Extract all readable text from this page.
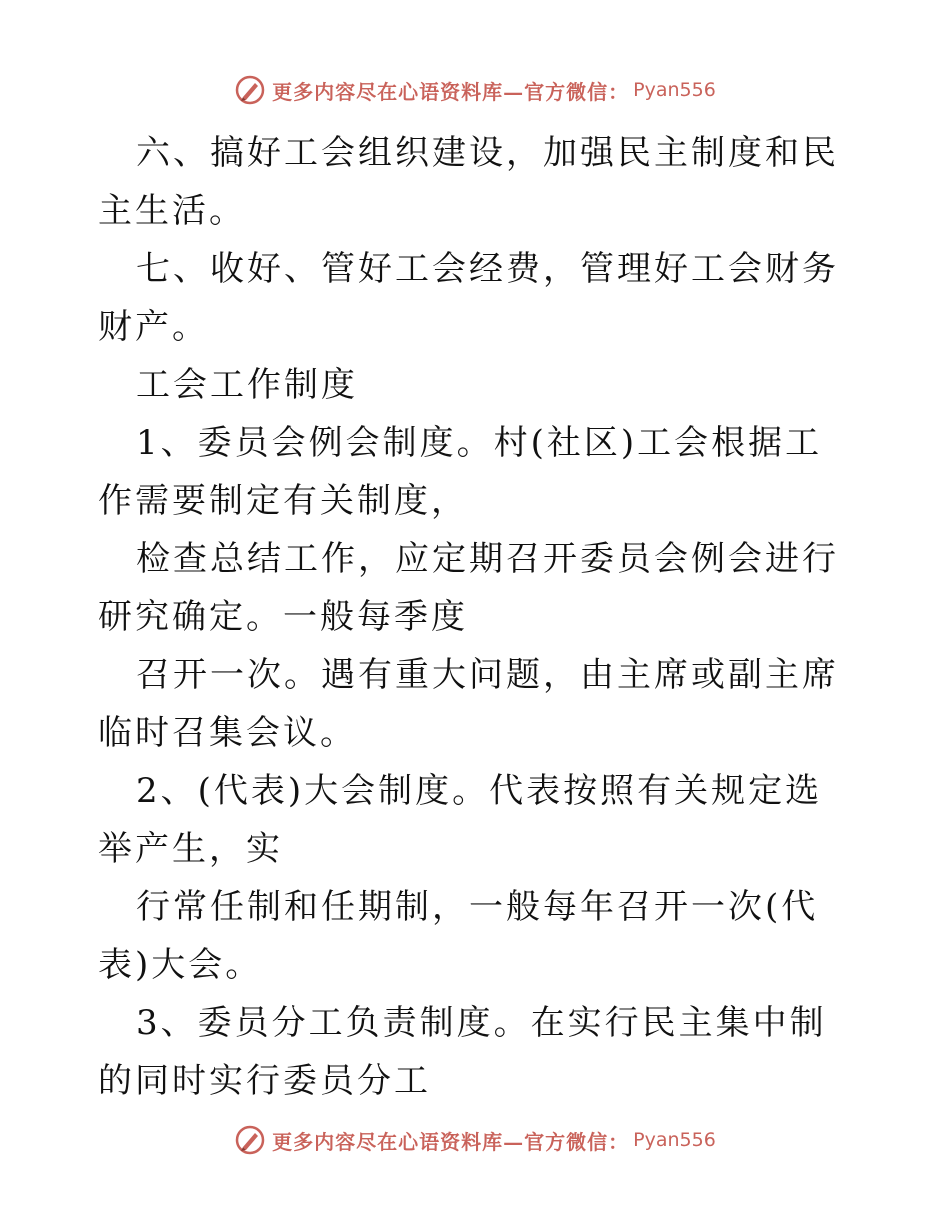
更多内容尽在心语资料库—官方微信： Pyan556

六、搞好工会组织建设，加强民主制度和民主生活。

七、收好、管好工会经费，管理好工会财务财产。

工会工作制度

1、委员会例会制度。村(社区)工会根据工作需要制定有关制度，

检查总结工作，应定期召开委员会例会进行研究确定。一般每季度

召开一次。遇有重大问题，由主席或副主席临时召集会议。

2、(代表)大会制度。代表按照有关规定选举产生，实

行常任制和任期制，一般每年召开一次(代表)大会。

3、委员分工负责制度。在实行民主集中制的同时实行委员分工

更多内容尽在心语资料库—官方微信： Pyan556
